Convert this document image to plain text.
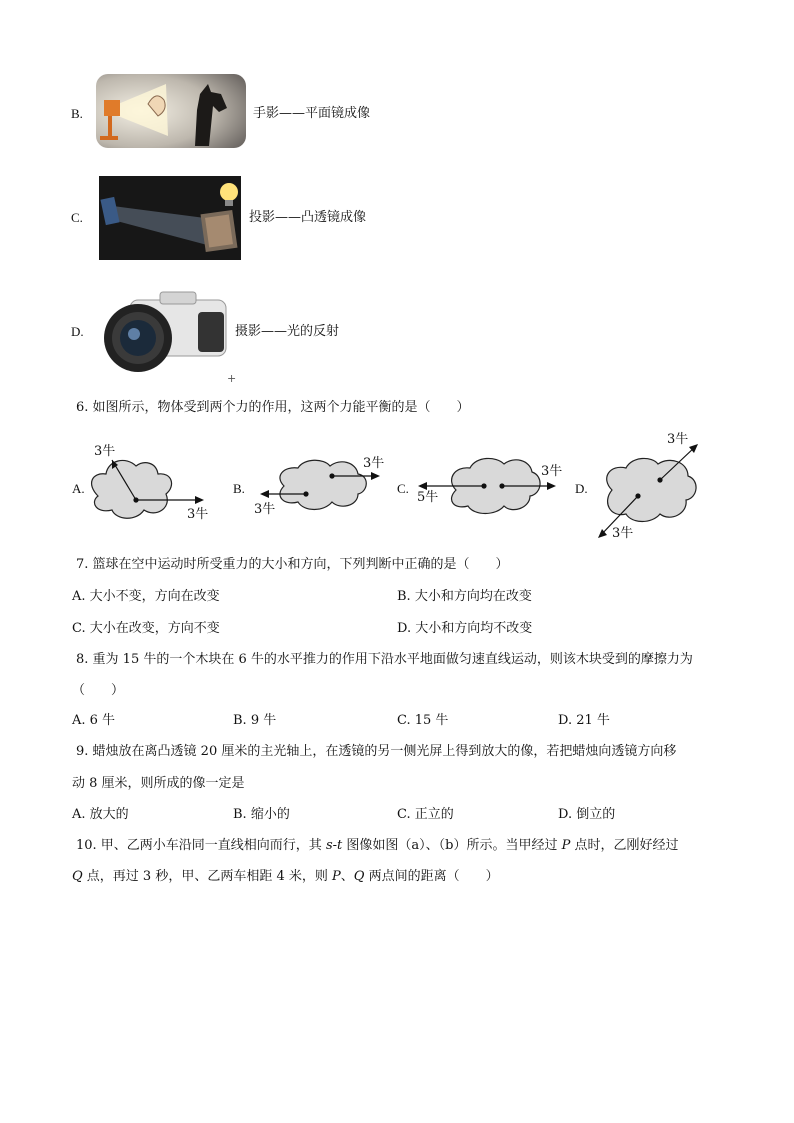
B.	手影——平面镜成像
C.	投影——凸透镜成像
D.	摄影——光的反射
+
6. 如图所示，物体受到两个力的作用，这两个力能平衡的是（　　）
A.
3牛
3牛
B.
3牛
3牛
C.
5牛
3牛
D.
3牛
3牛
7. 篮球在空中运动时所受重力的大小和方向，下列判断中正确的是（　　）
A. 大小不变，方向在改变	B. 大小和方向均在改变
C. 大小在改变，方向不变	D. 大小和方向均不改变
8. 重为 15 牛的一个木块在 6 牛的水平推力的作用下沿水平地面做匀速直线运动，则该木块受到的摩擦力为
（　　）
A. 6 牛	B. 9 牛	C. 15 牛	D. 21 牛
9. 蜡烛放在离凸透镜 20 厘米的主光轴上，在透镜的另一侧光屏上得到放大的像，若把蜡烛向透镜方向移
动 8 厘米，则所成的像一定是
A. 放大的	B. 缩小的	C. 正立的	D. 倒立的
10. 甲、乙两小车沿同一直线相向而行，其 s-t 图像如图（a）、（b）所示。当甲经过 P 点时，乙刚好经过
Q 点，再过 3 秒，甲、乙两车相距 4 米，则 P、Q 两点间的距离（　　）
